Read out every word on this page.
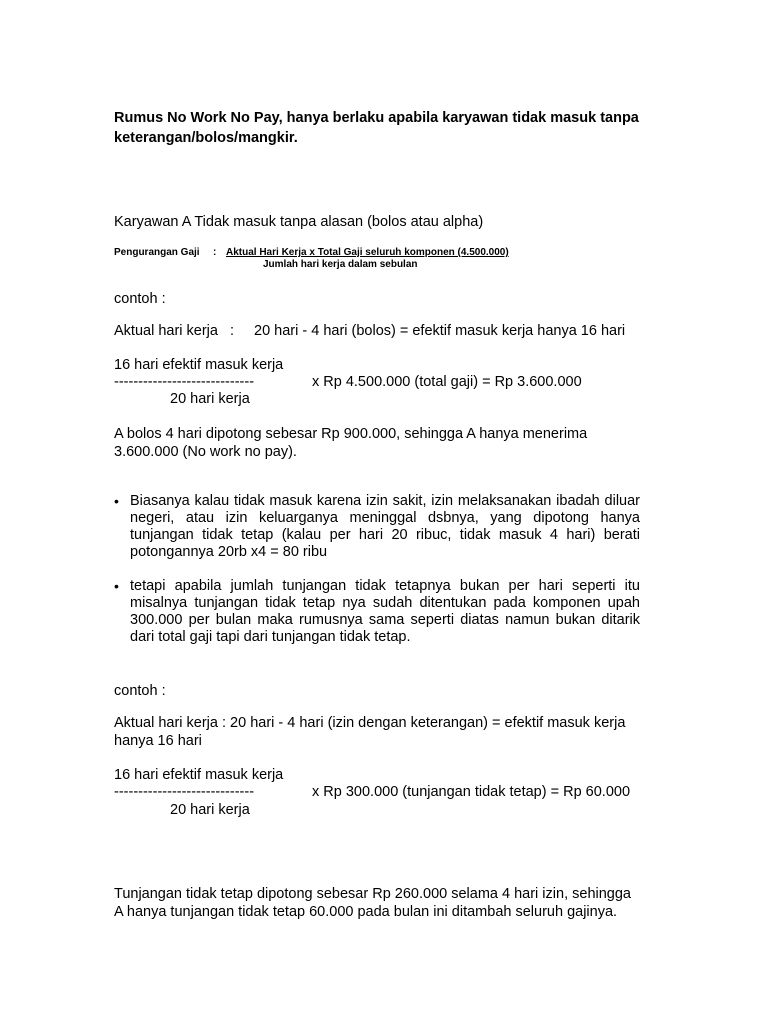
Rumus No Work No Pay, hanya berlaku apabila karyawan tidak masuk tanpa keterangan/bolos/mangkir.
Karyawan A Tidak masuk tanpa alasan (bolos atau alpha)
Pengurangan Gaji : Aktual Hari Kerja x Total Gaji seluruh komponen (4.500.000)
Jumlah hari kerja dalam sebulan
contoh :
Aktual hari kerja : 20 hari - 4 hari (bolos) = efektif masuk kerja hanya 16 hari
16 hari efektif masuk kerja
-----------------------------	x Rp 4.500.000 (total gaji) = Rp 3.600.000
20 hari kerja
A bolos 4 hari dipotong sebesar Rp 900.000, sehingga A hanya menerima 3.600.000 (No work no pay).
• Biasanya kalau tidak masuk karena izin sakit, izin melaksanakan ibadah diluar negeri, atau izin keluarganya meninggal dsbnya, yang dipotong hanya tunjangan tidak tetap (kalau per hari 20 ribuc, tidak masuk 4 hari) berati potongannya 20rb x4 = 80 ribu
• tetapi apabila jumlah tunjangan tidak tetapnya bukan per hari seperti itu misalnya tunjangan tidak tetap nya sudah ditentukan pada komponen upah 300.000 per bulan maka rumusnya sama seperti diatas namun bukan ditarik dari total gaji tapi dari tunjangan tidak tetap.
contoh :
Aktual hari kerja : 20 hari - 4 hari (izin dengan keterangan) = efektif masuk kerja hanya 16 hari
16 hari efektif masuk kerja
-----------------------------	x Rp 300.000 (tunjangan tidak tetap) = Rp 60.000
20 hari kerja
Tunjangan tidak tetap dipotong sebesar Rp 260.000 selama 4 hari izin, sehingga A hanya tunjangan tidak tetap 60.000 pada bulan ini ditambah seluruh gajinya.
